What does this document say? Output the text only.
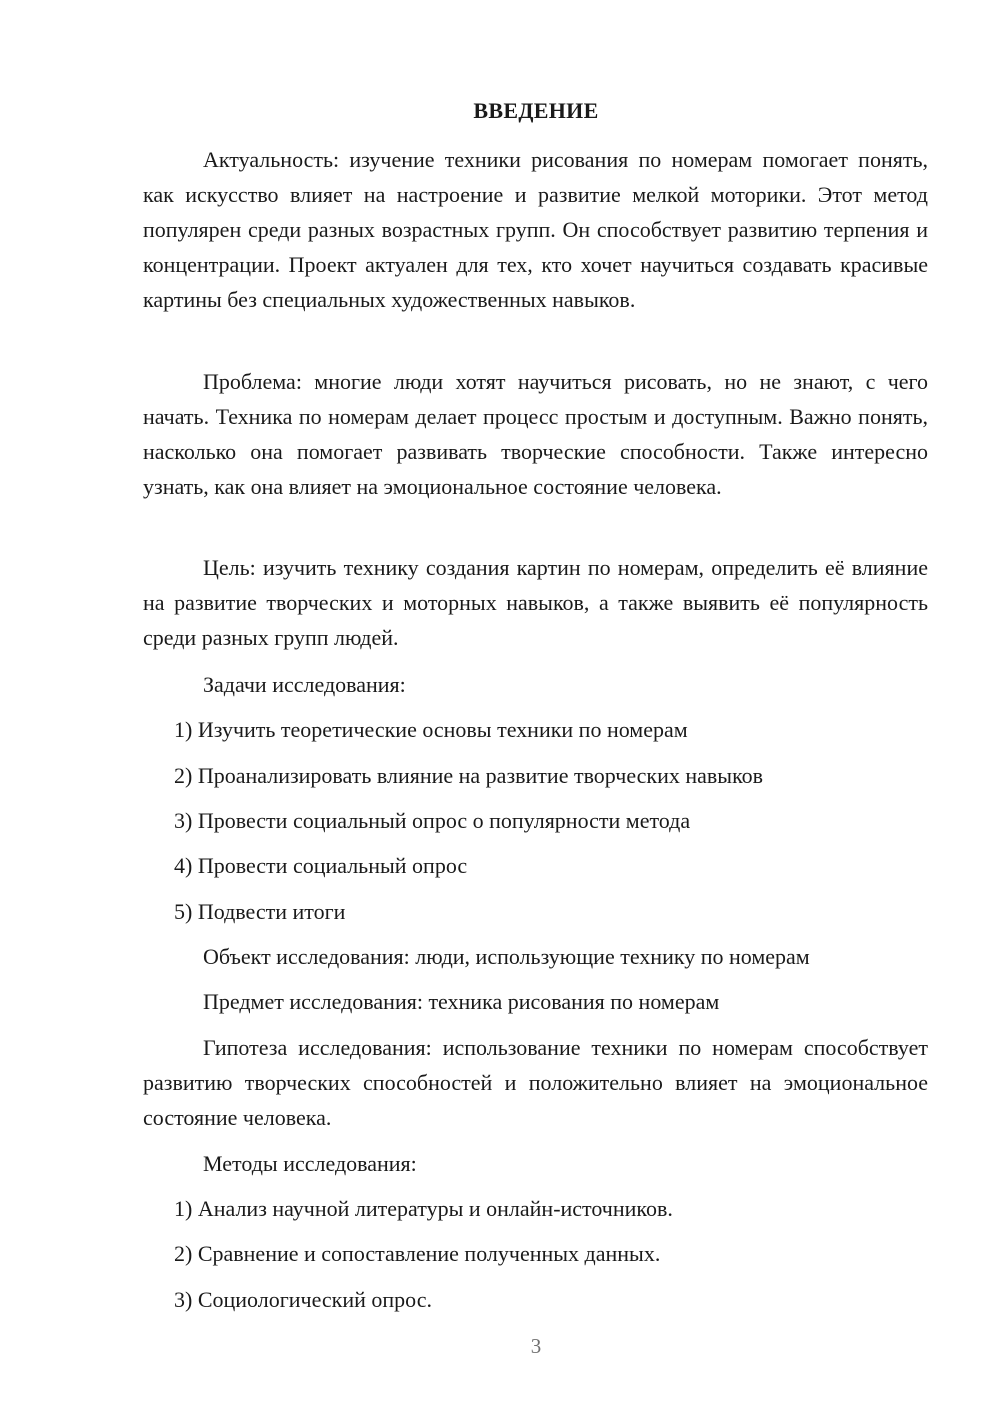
ВВЕДЕНИЕ

Актуальность: изучение техники рисования по номерам помогает понять, как искусство влияет на настроение и развитие мелкой моторики. Этот метод популярен среди разных возрастных групп. Он способствует развитию терпения и концентрации. Проект актуален для тех, кто хочет научиться создавать красивые картины без специальных художественных навыков.

Проблема: многие люди хотят научиться рисовать, но не знают, с чего начать. Техника по номерам делает процесс простым и доступным. Важно понять, насколько она помогает развивать творческие способности. Также интересно узнать, как она влияет на эмоциональное состояние человека.

Цель: изучить технику создания картин по номерам, определить её влияние на развитие творческих и моторных навыков, а также выявить её популярность среди разных групп людей.

Задачи исследования:

1) Изучить теоретические основы техники по номерам

2) Проанализировать влияние на развитие творческих навыков

3) Провести социальный опрос о популярности метода

4) Провести социальный опрос

5) Подвести итоги

Объект исследования: люди, использующие технику по номерам

Предмет исследования: техника рисования по номерам

Гипотеза исследования: использование техники по номерам способствует развитию творческих способностей и положительно влияет на эмоциональное состояние человека.

Методы исследования:

1) Анализ научной литературы и онлайн-источников.

2) Сравнение и сопоставление полученных данных.

3) Социологический опрос.

3
